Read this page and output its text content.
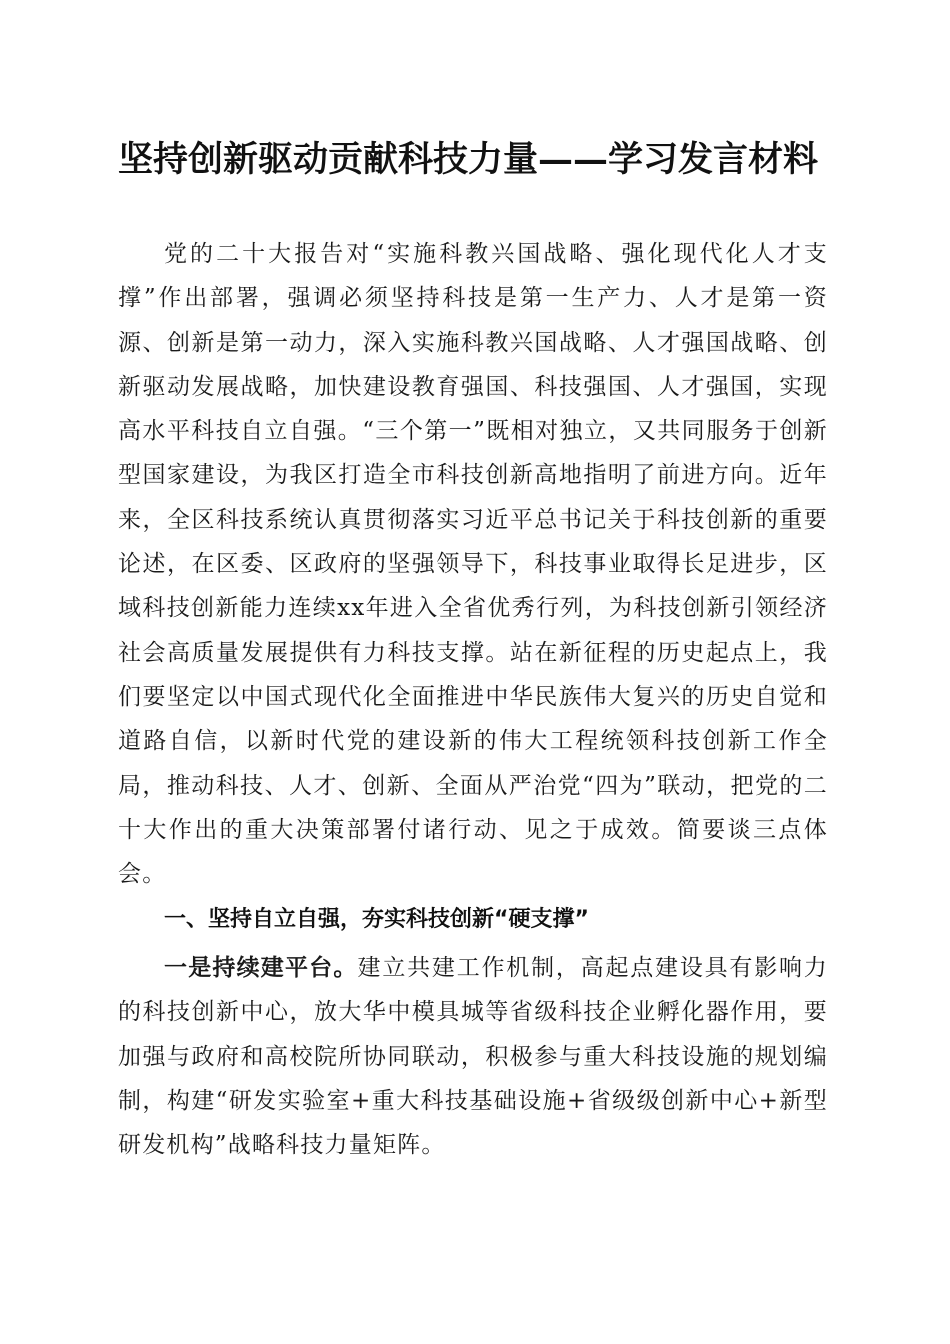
坚持创新驱动贡献科技力量——学习发言材料

党的二十大报告对“实施科教兴国战略、强化现代化人才支撑”作出部署，强调必须坚持科技是第一生产力、人才是第一资源、创新是第一动力，深入实施科教兴国战略、人才强国战略、创新驱动发展战略，加快建设教育强国、科技强国、人才强国，实现高水平科技自立自强。“三个第一”既相对独立，又共同服务于创新型国家建设，为我区打造全市科技创新高地指明了前进方向。近年来，全区科技系统认真贯彻落实习近平总书记关于科技创新的重要论述，在区委、区政府的坚强领导下，科技事业取得长足进步，区域科技创新能力连续xx年进入全省优秀行列，为科技创新引领经济社会高质量发展提供有力科技支撑。站在新征程的历史起点上，我们要坚定以中国式现代化全面推进中华民族伟大复兴的历史自觉和道路自信，以新时代党的建设新的伟大工程统领科技创新工作全局，推动科技、人才、创新、全面从严治党“四为”联动，把党的二十大作出的重大决策部署付诸行动、见之于成效。简要谈三点体会。

一、坚持自立自强，夯实科技创新“硬支撑”

一是持续建平台。建立共建工作机制，高起点建设具有影响力的科技创新中心，放大华中模具城等省级科技企业孵化器作用，要加强与政府和高校院所协同联动，积极参与重大科技设施的规划编制，构建“研发实验室+重大科技基础设施+省级级创新中心+新型研发机构”战略科技力量矩阵。
